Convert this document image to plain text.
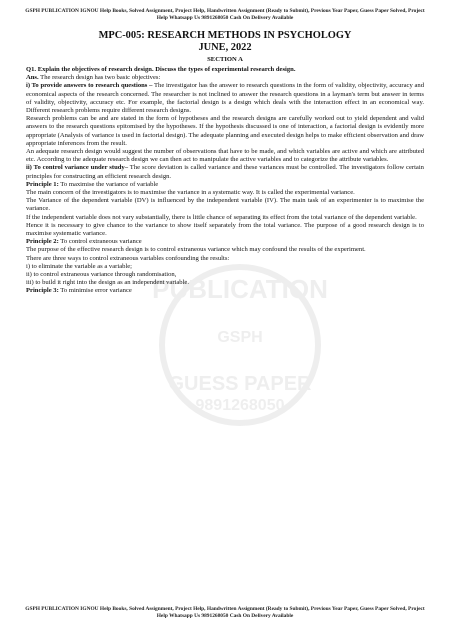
GSPH PUBLICATION IGNOU Help Books, Solved Assignment, Project Help, Handwritten Assignment (Ready to Submit), Previous Year Paper, Guess Paper Solved, Project Help Whatsapp Us 9891268050 Cash On Delivery Available
PUBLICATION
GSPH
GUESS PAPER
9891268050
MPC-005: RESEARCH METHODS IN PSYCHOLOGY
JUNE, 2022
SECTION A

Q1. Explain the objectives of research design. Discuss the types of experimental research design.

Ans. The research design has two basic objectives:

i) To provide answers to research questions – The investigator has the answer to research questions in the form of validity, objectivity, accuracy and economical aspects of the research concerned. The researcher is not inclined to answer the research questions in a layman's term but answer in terms of validity, objectivity, accuracy etc. For example, the factorial design is a design which deals with the interaction effect in an economical way. Different research problems require different research designs.

Research problems can be and are stated in the form of hypotheses and the research designs are carefully worked out to yield dependent and valid answers to the research questions epitomised by the hypotheses. If the hypothesis discussed is one of interaction, a factorial design is evidently more appropriate (Analysis of variance is used in factorial design). The adequate planning and executed design helps to make efficient observation and draw appropriate inferences from the result.

An adequate research design would suggest the number of observations that have to be made, and which variables are active and which are attributed etc. According to the adequate research design we can then act to manipulate the active variables and to categorize the attribute variables.

ii) To control variance under study– The score deviation is called variance and these variances must be controlled. The investigators follow certain principles for constructing an efficient research design.

Principle 1: To maximise the variance of variable

The main concern of the investigators is to maximise the variance in a systematic way. It is called the experimental variance.

The Variance of the dependent variable (DV) is influenced by the independent variable (IV). The main task of an experimenter is to maximise the variance.

If the independent variable does not vary substantially, there is little chance of separating its effect from the total variance of the dependent variable.

Hence it is necessary to give chance to the variance to show itself separately from the total variance. The purpose of a good research design is to maximise systematic variance.

Principle 2: To control extraneous variance

The purpose of the effective research design is to control extraneous variance which may confound the results of the experiment.

There are three ways to control extraneous variables confounding the results:

i) to eliminate the variable as a variable;

ii) to control extraneous variance through randomisation,

iii) to build it right into the design as an independent variable.

Principle 3: To minimise error variance

GSPH PUBLICATION IGNOU Help Books, Solved Assignment, Project Help, Handwritten Assignment (Ready to Submit), Previous Year Paper, Guess Paper Solved, Project Help Whatsapp Us 9891268050 Cash On Delivery Available
